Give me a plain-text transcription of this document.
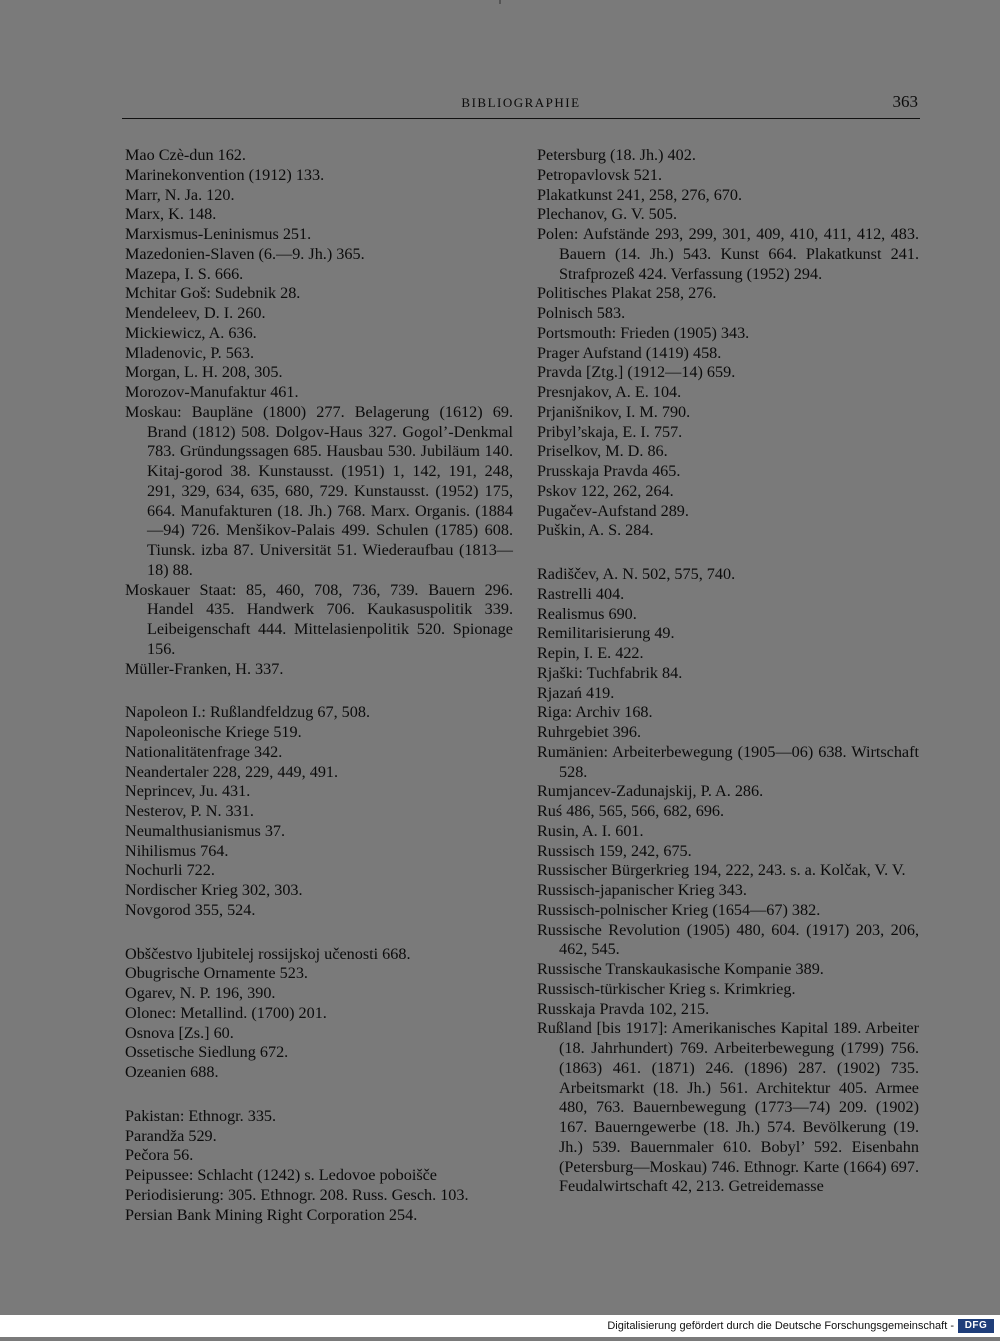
BIBLIOGRAPHIE	363
Mao Czè-dun 162.
Marinekonvention (1912) 133.
Marr, N. Ja. 120.
Marx, K. 148.
Marxismus-Leninismus 251.
Mazedonien-Slaven (6.—9. Jh.) 365.
Mazepa, I. S. 666.
Mchitar Goš: Sudebnik 28.
Mendeleev, D. I. 260.
Mickiewicz, A. 636.
Mladenovic, P. 563.
Morgan, L. H. 208, 305.
Morozov-Manufaktur 461.
Moskau: Baupläne (1800) 277. Belagerung (1612) 69. Brand (1812) 508. Dolgov-Haus 327. Gogol’-Denkmal 783. Gründungssagen 685. Hausbau 530. Jubiläum 140. Kitaj-gorod 38. Kunstausst. (1951) 1, 142, 191, 248, 291, 329, 634, 635, 680, 729. Kunstausst. (1952) 175, 664. Manufakturen (18. Jh.) 768. Marx. Organis. (1884—94) 726. Menšikov-Palais 499. Schulen (1785) 608. Tiunsk. izba 87. Universität 51. Wiederaufbau (1813—18) 88.
Moskauer Staat: 85, 460, 708, 736, 739. Bauern 296. Handel 435. Handwerk 706. Kaukasuspolitik 339. Leibeigenschaft 444. Mittelasienpolitik 520. Spionage 156.
Müller-Franken, H. 337.
Napoleon I.: Rußlandfeldzug 67, 508.
Napoleonische Kriege 519.
Nationalitätenfrage 342.
Neandertaler 228, 229, 449, 491.
Neprincev, Ju. 431.
Nesterov, P. N. 331.
Neumalthusianismus 37.
Nihilismus 764.
Nochurli 722.
Nordischer Krieg 302, 303.
Novgorod 355, 524.
Obščestvo ljubitelej rossijskoj učenosti 668.
Obugrische Ornamente 523.
Ogarev, N. P. 196, 390.
Olonec: Metallind. (1700) 201.
Osnova [Zs.] 60.
Ossetische Siedlung 672.
Ozeanien 688.
Pakistan: Ethnogr. 335.
Parandža 529.
Pečora 56.
Peipussee: Schlacht (1242) s. Ledovoe poboišče
Periodisierung: 305. Ethnogr. 208. Russ. Gesch. 103.
Persian Bank Mining Right Corporation 254.
Petersburg (18. Jh.) 402.
Petropavlovsk 521.
Plakatkunst 241, 258, 276, 670.
Plechanov, G. V. 505.
Polen: Aufstände 293, 299, 301, 409, 410, 411, 412, 483. Bauern (14. Jh.) 543. Kunst 664. Plakatkunst 241. Strafprozeß 424. Verfassung (1952) 294.
Politisches Plakat 258, 276.
Polnisch 583.
Portsmouth: Frieden (1905) 343.
Prager Aufstand (1419) 458.
Pravda [Ztg.] (1912—14) 659.
Presnjakov, A. E. 104.
Prjanišnikov, I. M. 790.
Pribyl’skaja, E. I. 757.
Priselkov, M. D. 86.
Prusskaja Pravda 465.
Pskov 122, 262, 264.
Pugačev-Aufstand 289.
Puškin, A. S. 284.
Radiščev, A. N. 502, 575, 740.
Rastrelli 404.
Realismus 690.
Remilitarisierung 49.
Repin, I. E. 422.
Rjaški: Tuchfabrik 84.
Rjazań 419.
Riga: Archiv 168.
Ruhrgebiet 396.
Rumänien: Arbeiterbewegung (1905—06) 638. Wirtschaft 528.
Rumjancev-Zadunajskij, P. A. 286.
Ruś 486, 565, 566, 682, 696.
Rusin, A. I. 601.
Russisch 159, 242, 675.
Russischer Bürgerkrieg 194, 222, 243. s. a. Kolčak, V. V.
Russisch-japanischer Krieg 343.
Russisch-polnischer Krieg (1654—67) 382.
Russische Revolution (1905) 480, 604. (1917) 203, 206, 462, 545.
Russische Transkaukasische Kompanie 389.
Russisch-türkischer Krieg s. Krimkrieg.
Russkaja Pravda 102, 215.
Rußland [bis 1917]: Amerikanisches Kapital 189. Arbeiter (18. Jahrhundert) 769. Arbeiterbewegung (1799) 756. (1863) 461. (1871) 246. (1896) 287. (1902) 735. Arbeitsmarkt (18. Jh.) 561. Architektur 405. Armee 480, 763. Bauernbewegung (1773—74) 209. (1902) 167. Bauerngewerbe (18. Jh.) 574. Bevölkerung (19. Jh.) 539. Bauernmaler 610. Bobyl’ 592. Eisenbahn (Petersburg—Moskau) 746. Ethnogr. Karte (1664) 697. Feudalwirtschaft 42, 213. Getreidemasse
Digitalisierung gefördert durch die Deutsche Forschungsgemeinschaft -	DFG
